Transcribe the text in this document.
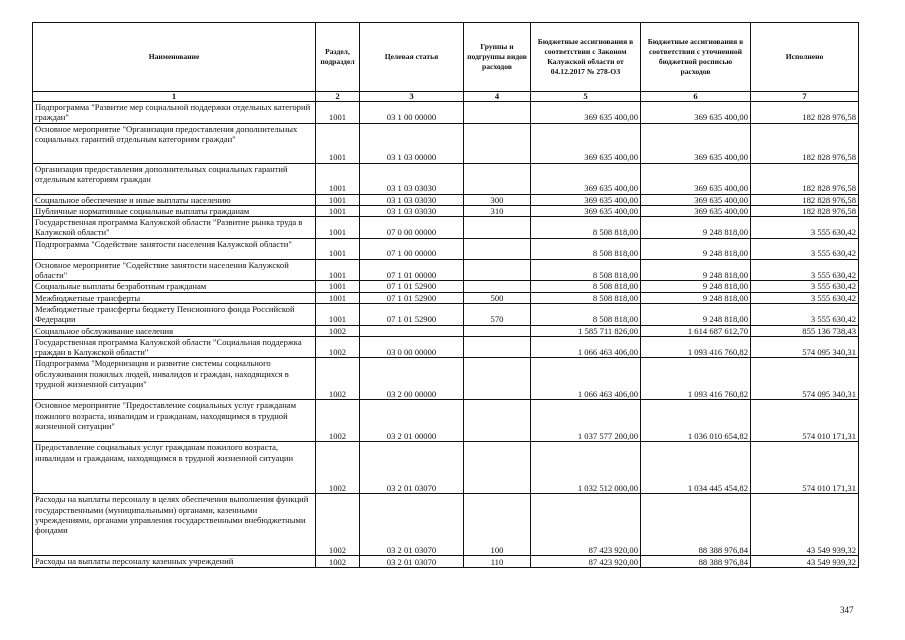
Наименование	Раздел, подраздел	Целевая статья	Группы и подгруппы видов расходов	Бюджетные ассигнования в соответствии с Законом Калужской области от 04.12.2017 № 278-ОЗ	Бюджетные ассигнования в соответствии с уточненной бюджетной росписью расходов	Исполнено
1	2	3	4	5	6	7
Подпрограмма "Развитие мер социальной поддержки отдельных категорий граждан"	1001	03 1 00 00000		369 635 400,00	369 635 400,00	182 828 976,58
Основное мероприятие "Организация предоставления дополнительных социальных гарантий отдельным категориям граждан"	1001	03 1 03 00000		369 635 400,00	369 635 400,00	182 828 976,58
Организация предоставления дополнительных социальных гарантий отдельным категориям граждан	1001	03 1 03 03030		369 635 400,00	369 635 400,00	182 828 976,58
Социальное обеспечение и иные выплаты населению	1001	03 1 03 03030	300	369 635 400,00	369 635 400,00	182 828 976,58
Публичные нормативные социальные выплаты гражданам	1001	03 1 03 03030	310	369 635 400,00	369 635 400,00	182 828 976,58
Государственная программа Калужской области "Развитие рынка труда в Калужской области"	1001	07 0 00 00000		8 508 818,00	9 248 818,00	3 555 630,42
Подпрограмма "Содействие занятости населения Калужской области"	1001	07 1 00 00000		8 508 818,00	9 248 818,00	3 555 630,42
Основное мероприятие "Содействие занятости населения Калужской области"	1001	07 1 01 00000		8 508 818,00	9 248 818,00	3 555 630,42
Социальные выплаты безработным гражданам	1001	07 1 01 52900		8 508 818,00	9 248 818,00	3 555 630,42
Межбюджетные трансферты	1001	07 1 01 52900	500	8 508 818,00	9 248 818,00	3 555 630,42
Межбюджетные трансферты бюджету Пенсионного фонда Российской Федерации	1001	07 1 01 52900	570	8 508 818,00	9 248 818,00	3 555 630,42
Социальное обслуживание населения	1002			1 585 711 826,00	1 614 687 612,70	855 136 738,43
Государственная программа Калужской области "Социальная поддержка граждан в Калужской области"	1002	03 0 00 00000		1 066 463 406,00	1 093 416 760,82	574 095 340,31
Подпрограмма "Модернизация и развитие системы социального обслуживания пожилых людей, инвалидов и граждан, находящихся в трудной жизненной ситуации"	1002	03 2 00 00000		1 066 463 406,00	1 093 416 760,82	574 095 340,31
Основное мероприятие "Предоставление социальных услуг гражданам пожилого возраста, инвалидам и гражданам, находящимся в трудной жизненной ситуации"	1002	03 2 01 00000		1 037 577 200,00	1 036 010 654,82	574 010 171,31
Предоставление социальных услуг гражданам пожилого возраста, инвалидам и гражданам, находящимся в трудной жизненной ситуации	1002	03 2 01 03070		1 032 512 000,00	1 034 445 454,82	574 010 171,31
Расходы на выплаты персоналу в целях обеспечения выполнения функций государственными (муниципальными) органами, казенными учреждениями, органами управления государственными внебюджетными фондами	1002	03 2 01 03070	100	87 423 920,00	88 388 976,84	43 549 939,32
Расходы на выплаты персоналу казенных учреждений	1002	03 2 01 03070	110	87 423 920,00	88 388 976,84	43 549 939,32
347
